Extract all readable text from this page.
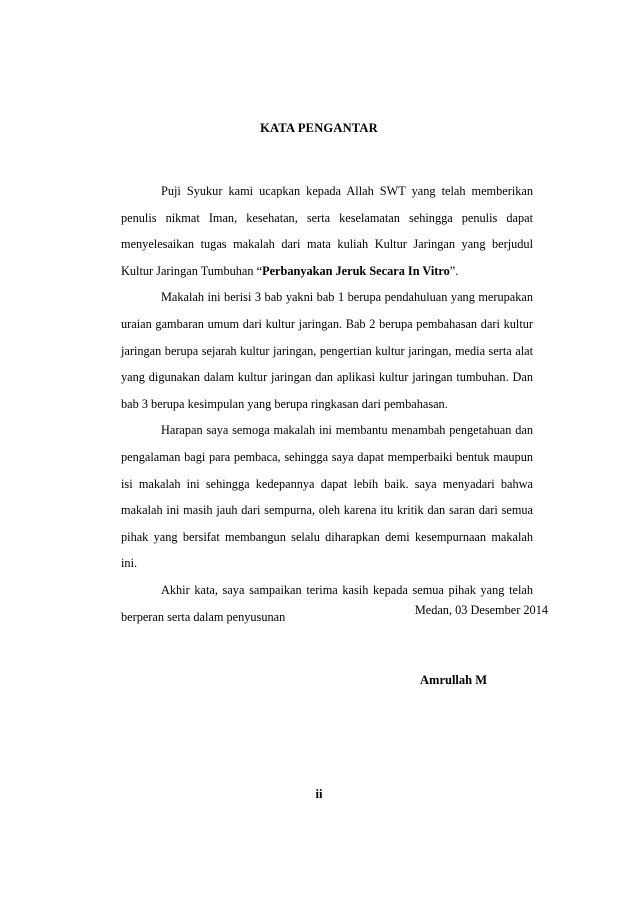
KATA PENGANTAR

Puji Syukur kami ucapkan kepada Allah SWT yang telah memberikan penulis nikmat Iman, kesehatan, serta keselamatan sehingga penulis dapat menyelesaikan tugas makalah dari mata kuliah Kultur Jaringan yang berjudul Kultur Jaringan Tumbuhan “Perbanyakan Jeruk Secara In Vitro”.

Makalah ini berisi 3 bab yakni bab 1 berupa pendahuluan yang merupakan uraian gambaran umum dari kultur jaringan. Bab 2 berupa pembahasan dari kultur jaringan berupa sejarah kultur jaringan, pengertian kultur jaringan, media serta alat yang digunakan dalam kultur jaringan dan aplikasi kultur jaringan tumbuhan. Dan bab 3 berupa kesimpulan yang berupa ringkasan dari pembahasan.

Harapan saya semoga makalah ini membantu menambah pengetahuan dan pengalaman bagi para pembaca, sehingga saya dapat memperbaiki bentuk maupun isi makalah ini sehingga kedepannya dapat lebih baik. saya menyadari bahwa makalah ini masih jauh dari sempurna, oleh karena itu kritik dan saran dari semua pihak yang bersifat membangun selalu diharapkan demi kesempurnaan makalah ini.

Akhir kata, saya sampaikan terima kasih kepada semua pihak yang telah berperan serta dalam penyusunan	Medan, 03 Desember 2014
Amrullah M
ii
